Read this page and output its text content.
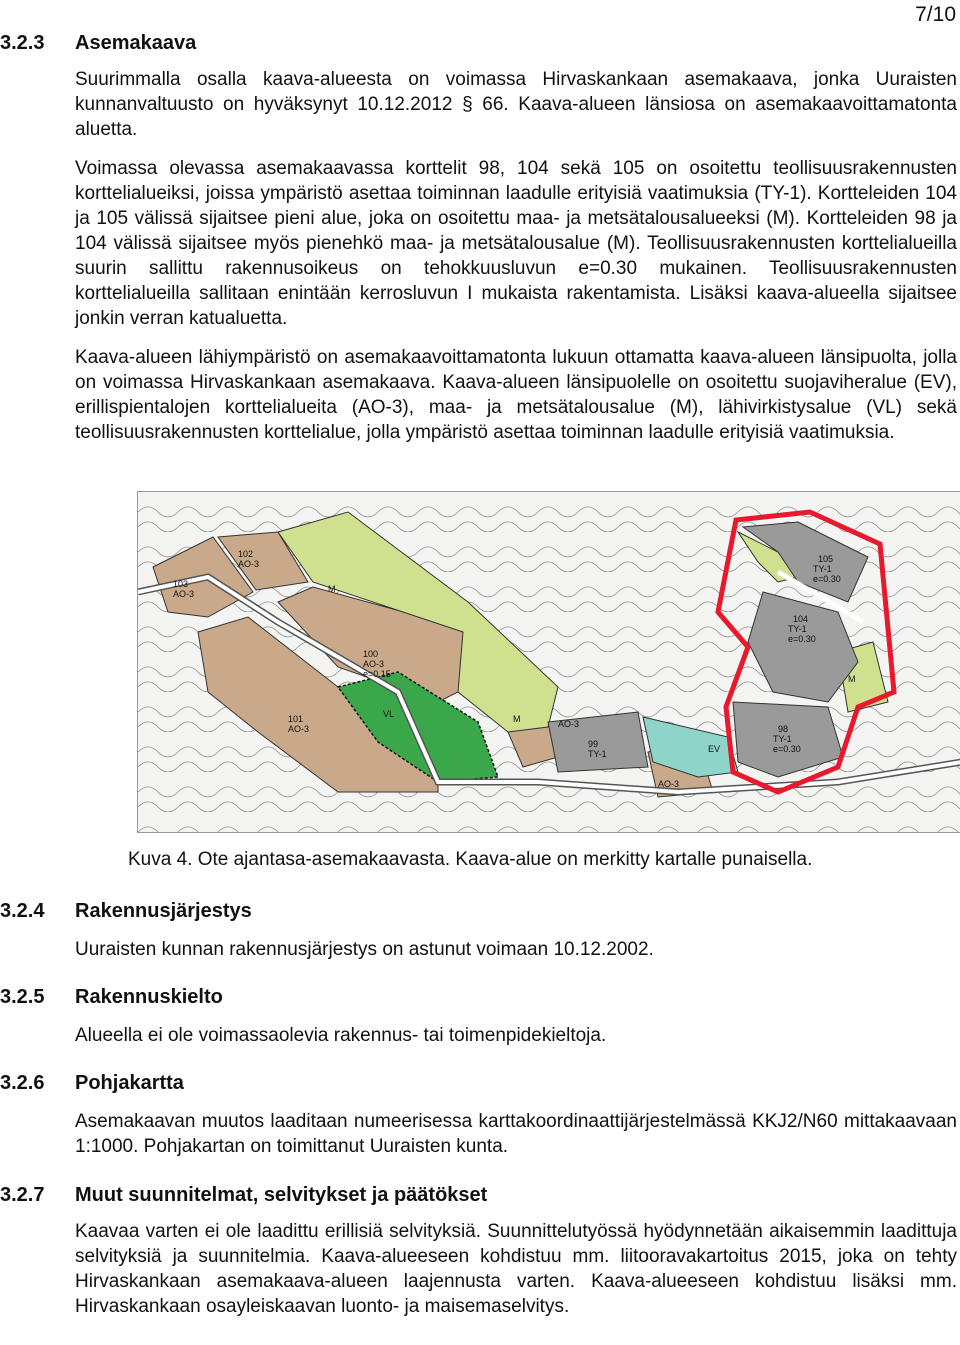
7/10
3.2.3	Asemakaava

Suurimmalla osalla kaava-alueesta on voimassa Hirvaskankaan asemakaava, jonka Uuraisten kunnanvaltuusto on hyväksynyt 10.12.2012 § 66. Kaava-alueen länsiosa on asemakaavoittamatonta aluetta.

Voimassa olevassa asemakaavassa korttelit 98, 104 sekä 105 on osoitettu teollisuusrakennusten korttelialueiksi, joissa ympäristö asettaa toiminnan laadulle erityisiä vaatimuksia (TY-1). Kortteleiden 104 ja 105 välissä sijaitsee pieni alue, joka on osoitettu maa- ja metsätalousalueeksi (M). Kortteleiden 98 ja 104 välissä sijaitsee myös pienehkö maa- ja metsätalousalue (M). Teollisuusrakennusten korttelialueilla suurin sallittu rakennusoikeus on tehokkuusluvun e=0.30 mukainen. Teollisuusrakennusten korttelialueilla sallitaan enintään kerrosluvun I mukaista rakentamista. Lisäksi kaava-alueella sijaitsee jonkin verran katualuetta.

Kaava-alueen lähiympäristö on asemakaavoittamatonta lukuun ottamatta kaava-alueen länsipuolta, jolla on voimassa Hirvaskankaan asemakaava. Kaava-alueen länsipuolelle on osoitettu suojaviheralue (EV), erillispientalojen korttelialueita (AO-3), maa- ja metsätalousalue (M), lähivirkistysalue (VL) sekä teollisuusrakennusten korttelialue, jolla ympäristö asettaa toiminnan laadulle erityisiä vaatimuksia.

103
AO-3
102
AO-3
101
AO-3
100
AO-3
e=0.15
M
VL
AO-3
99
TY-1
M
EV
AO-3
105
TY-1
e=0.30
104
TY-1
e=0.30
98
TY-1
e=0.30
M
Kuva 4. Ote ajantasa-asemakaavasta. Kaava-alue on merkitty kartalle punaisella.
3.2.4	Rakennusjärjestys

Uuraisten kunnan rakennusjärjestys on astunut voimaan 10.12.2002.

3.2.5	Rakennuskielto

Alueella ei ole voimassaolevia rakennus- tai toimenpidekieltoja.

3.2.6	Pohjakartta

Asemakaavan muutos laaditaan numeerisessa karttakoordinaattijärjestelmässä KKJ2/N60 mittakaavaan 1:1000. Pohjakartan on toimittanut Uuraisten kunta.

3.2.7	Muut suunnitelmat, selvitykset ja päätökset

Kaavaa varten ei ole laadittu erillisiä selvityksiä. Suunnittelutyössä hyödynnetään aikaisemmin laadittuja selvityksiä ja suunnitelmia. Kaava-alueeseen kohdistuu mm. liitooravakartoitus 2015, joka on tehty Hirvaskankaan asemakaava-alueen laajennusta varten. Kaava-alueeseen kohdistuu lisäksi mm. Hirvaskankaan osayleiskaavan luonto- ja maisemaselvitys.
